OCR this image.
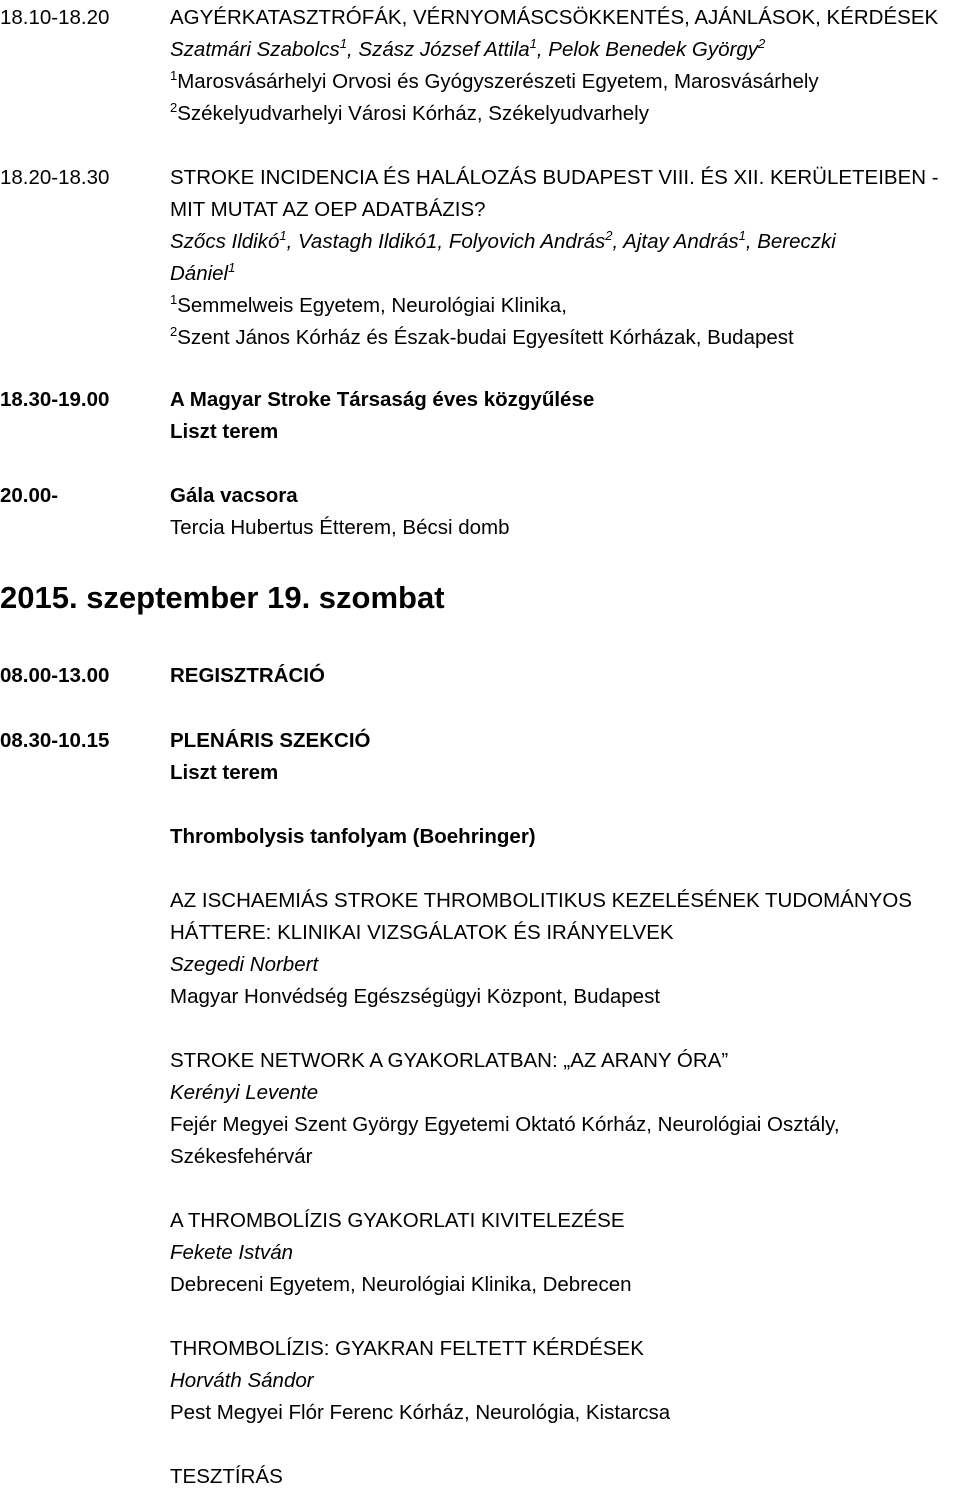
18.10-18.20	AGYÉRKATASZTRÓFÁK, VÉRNYOMÁSCSÖKKENTÉS, AJÁNLÁSOK, KÉRDÉSEK
Szatmári Szabolcs$^1$, Szász József Attila$^1$, Pelok Benedek György$^2$
$^1$Marosvásárhelyi Orvosi és Gyógyszerészeti Egyetem, Marosvásárhely
$^2$Székelyudvarhelyi Városi Kórház, Székelyudvarhely
18.20-18.30	STROKE INCIDENCIA ÉS HALÁLOZÁS BUDAPEST VIII. ÉS XII. KERÜLETEIBEN -
MIT MUTAT AZ OEP ADATBÁZIS?
Szőcs Ildikó$^1$, Vastagh Ildikó1, Folyovich András$^2$, Ajtay András$^1$, Bereczki
Dániel$^1$
$^1$Semmelweis Egyetem, Neurológiai Klinika,
$^2$Szent János Kórház és Észak-budai Egyesített Kórházak, Budapest
18.30-19.00	A Magyar Stroke Társaság éves közgyűlése
Liszt terem
20.00-	Gála vacsora
Tercia Hubertus Étterem, Bécsi domb
2015. szeptember 19. szombat
08.00-13.00	REGISZTRÁCIÓ
08.30-10.15	PLENÁRIS SZEKCIÓ
Liszt terem
Thrombolysis tanfolyam (Boehringer)
AZ ISCHAEMIÁS STROKE THROMBOLITIKUS KEZELÉSÉNEK TUDOMÁNYOS
HÁTTERE: KLINIKAI VIZSGÁLATOK ÉS IRÁNYELVEK
Szegedi Norbert
Magyar Honvédség Egészségügyi Központ, Budapest
STROKE NETWORK A GYAKORLATBAN: „AZ ARANY ÓRA”
Kerényi Levente
Fejér Megyei Szent György Egyetemi Oktató Kórház, Neurológiai Osztály,
Székesfehérvár
A THROMBOLÍZIS GYAKORLATI KIVITELEZÉSE
Fekete István
Debreceni Egyetem, Neurológiai Klinika, Debrecen
THROMBOLÍZIS: GYAKRAN FELTETT KÉRDÉSEK
Horváth Sándor
Pest Megyei Flór Ferenc Kórház, Neurológia, Kistarcsa
TESZTÍRÁS
